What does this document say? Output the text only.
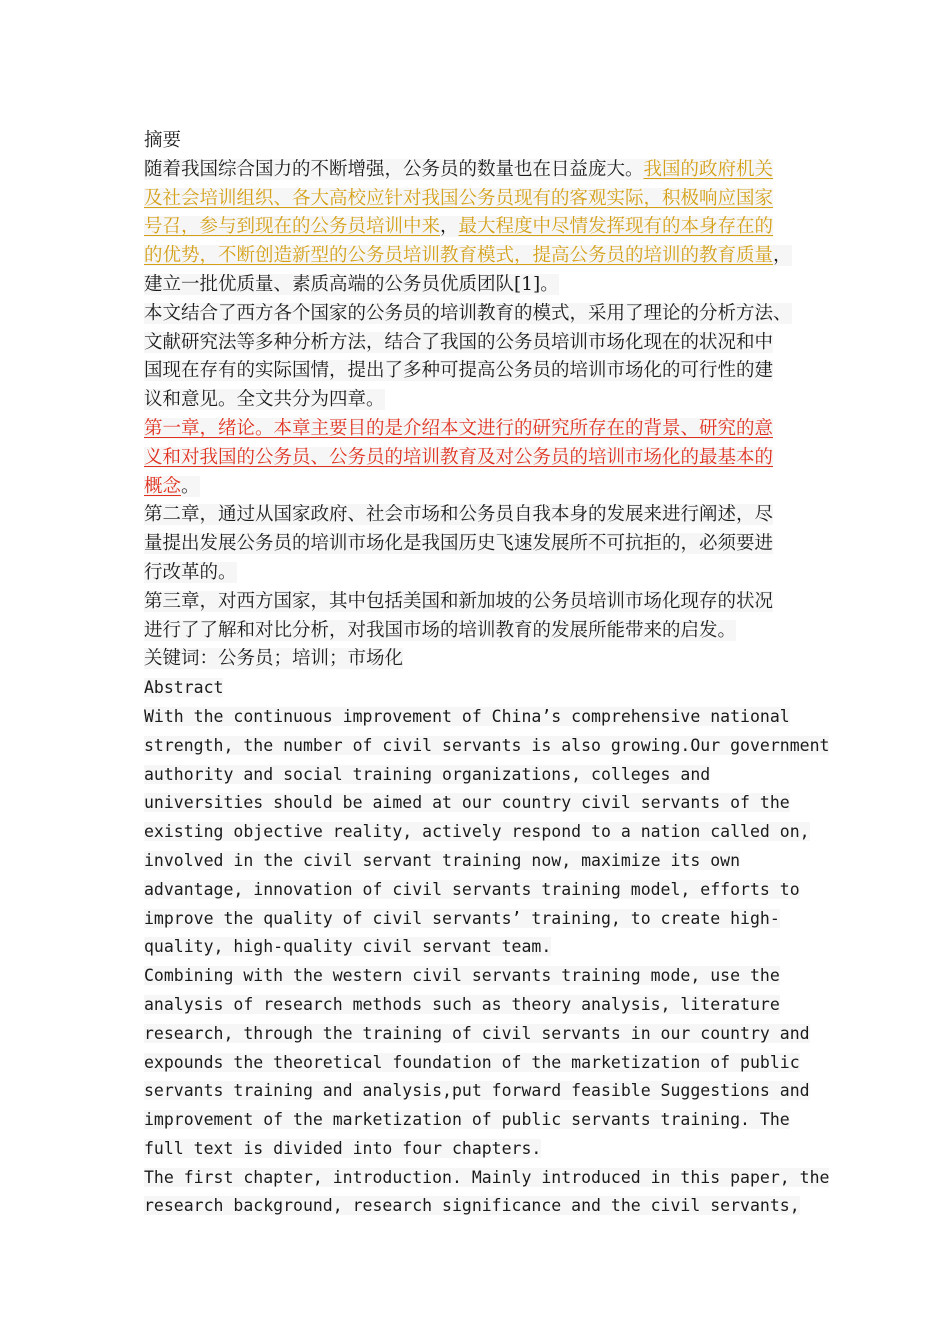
摘要

随着我国综合国力的不断增强，公务员的数量也在日益庞大。我国的政府机关

及社会培训组织、各大高校应针对我国公务员现有的客观实际，积极响应国家

号召，参与到现在的公务员培训中来，最大程度中尽情发挥现有的本身存在的

的优势，不断创造新型的公务员培训教育模式，提高公务员的培训的教育质量，

建立一批优质量、素质高端的公务员优质团队[1]。

本文结合了西方各个国家的公务员的培训教育的模式，采用了理论的分析方法、

文献研究法等多种分析方法，结合了我国的公务员培训市场化现在的状况和中

国现在存有的实际国情，提出了多种可提高公务员的培训市场化的可行性的建

议和意见。全文共分为四章。

第一章，绪论。本章主要目的是介绍本文进行的研究所存在的背景、研究的意

义和对我国的公务员、公务员的培训教育及对公务员的培训市场化的最基本的

概念。

第二章，通过从国家政府、社会市场和公务员自我本身的发展来进行阐述，尽

量提出发展公务员的培训市场化是我国历史飞速发展所不可抗拒的，必须要进

行改革的。

第三章，对西方国家，其中包括美国和新加坡的公务员培训市场化现存的状况

进行了了解和对比分析，对我国市场的培训教育的发展所能带来的启发。

关键词：公务员；培训；市场化

Abstract

With the continuous improvement of China’s comprehensive national

strength, the number of civil servants is also growing.Our government

authority and social training organizations, colleges and

universities should be aimed at our country civil servants of the

existing objective reality, actively respond to a nation called on,

involved in the civil servant training now, maximize its own

advantage, innovation of civil servants training model, efforts to

improve the quality of civil servants’ training, to create high-

quality, high-quality civil servant team.

Combining with the western civil servants training mode, use the

analysis of research methods such as theory analysis, literature

research, through the training of civil servants in our country and

expounds the theoretical foundation of the marketization of public

servants training and analysis,put forward feasible Suggestions and

improvement of the marketization of public servants training. The

full text is divided into four chapters.

The first chapter, introduction. Mainly introduced in this paper, the

research background, research significance and the civil servants,
